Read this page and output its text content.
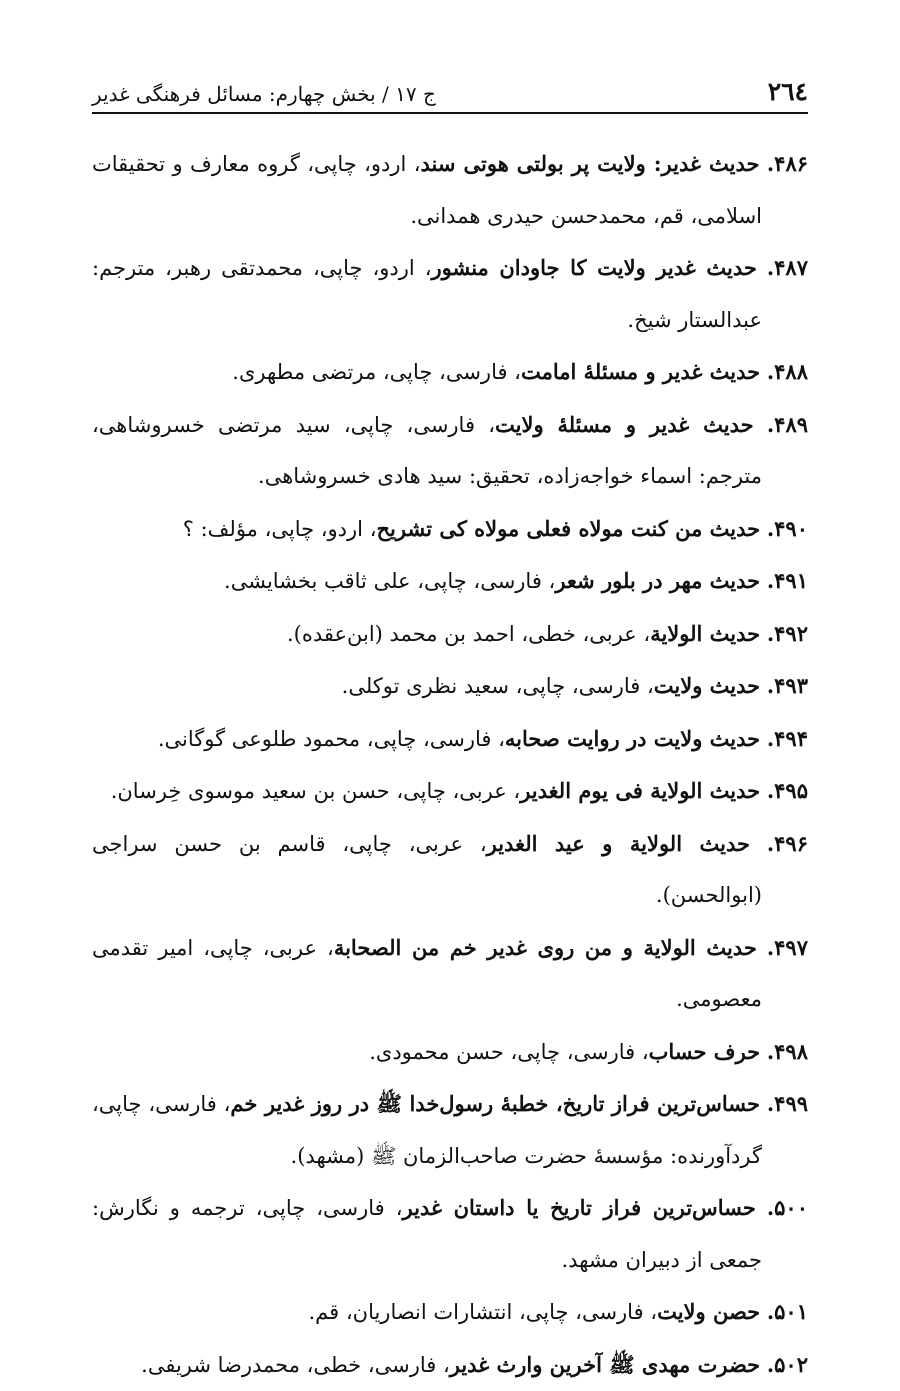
٢٦٤
ج ١٧ / بخش چهارم: مسائل فرهنگی غدیر
۴۸۶. حدیث غدیر: ولایت پر بولتی هوتی سند، اردو، چاپی، گروه معارف و تحقیقات اسلامی، قم، محمدحسن حیدری همدانی.
۴۸۷. حدیث غدیر ولایت کا جاودان منشور، اردو، چاپی، محمدتقی رهبر، مترجم: عبدالستار شیخ.
۴۸۸. حدیث غدیر و مسئلۀ امامت، فارسی، چاپی، مرتضی مطهری.
۴۸۹. حدیث غدیر و مسئلۀ ولایت، فارسی، چاپی، سید مرتضی خسروشاهی، مترجم: اسماء خواجه‌زاده، تحقیق: سید هادی خسروشاهی.
۴۹۰. حدیث من کنت مولاه فعلی مولاه کی تشریح، اردو، چاپی، مؤلف: ؟
۴۹۱. حدیث مهر در بلور شعر، فارسی، چاپی، علی ثاقب بخشایشی.
۴۹۲. حدیث الولایة، عربی، خطی، احمد بن محمد (ابن‌عقده).
۴۹۳. حدیث ولایت، فارسی، چاپی، سعید نظری توکلی.
۴۹۴. حدیث ولایت در روایت صحابه، فارسی، چاپی، محمود طلوعی گوگانی.
۴۹۵. حدیث الولایة فی یوم الغدیر، عربی، چاپی، حسن بن سعید موسوی خِرسان.
۴۹۶. حدیث الولایة و عید الغدیر، عربی، چاپی، قاسم بن حسن سراجی (ابوالحسن).
۴۹۷. حدیث الولایة و من روی غدیر خم من الصحابة، عربی، چاپی، امیر تقدمی معصومی.
۴۹۸. حرف حساب، فارسی، چاپی، حسن محمودی.
۴۹۹. حساس‌ترین فراز تاریخ، خطبۀ رسول‌خدا ﷺ در روز غدیر خم، فارسی، چاپی، گردآورنده: مؤسسۀ حضرت صاحب‌الزمان ﷺ (مشهد).
۵۰۰. حساس‌ترین فراز تاریخ یا داستان غدیر، فارسی، چاپی، ترجمه و نگارش: جمعی از دبیران مشهد.
۵۰۱. حصن ولایت، فارسی، چاپی، انتشارات انصاریان، قم.
۵۰۲. حضرت مهدی ﷺ آخرین وارث غدیر، فارسی، خطی، محمدرضا شریفی.
